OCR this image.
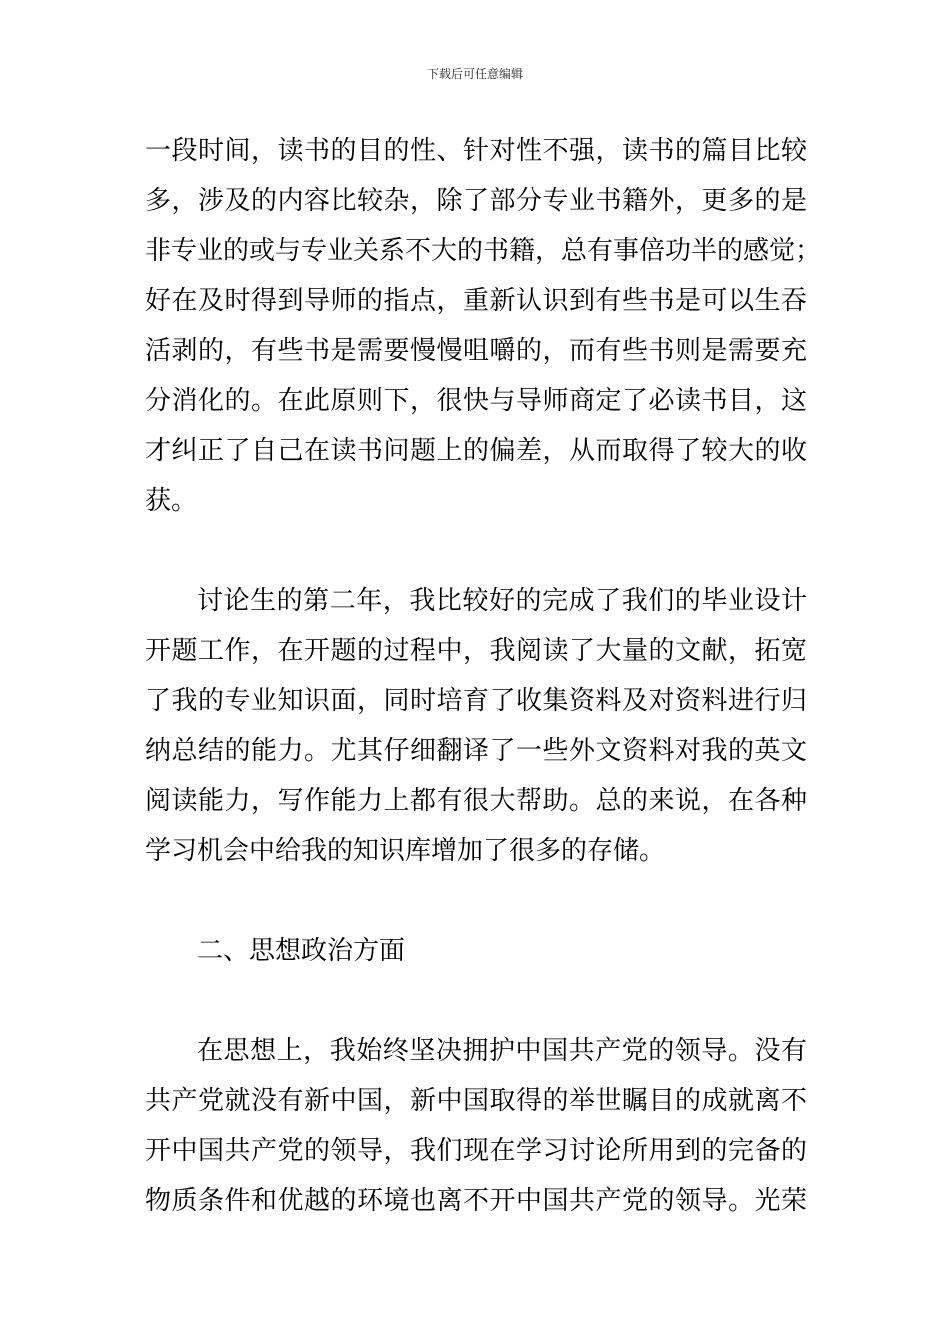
下载后可任意编辑
一段时间，读书的目的性、针对性不强，读书的篇目比较
多，涉及的内容比较杂，除了部分专业书籍外，更多的是
非专业的或与专业关系不大的书籍，总有事倍功半的感觉；
好在及时得到导师的指点，重新认识到有些书是可以生吞
活剥的，有些书是需要慢慢咀嚼的，而有些书则是需要充
分消化的。在此原则下，很快与导师商定了必读书目，这
才纠正了自己在读书问题上的偏差，从而取得了较大的收
获。
讨论生的第二年，我比较好的完成了我们的毕业设计
开题工作，在开题的过程中，我阅读了大量的文献，拓宽
了我的专业知识面，同时培育了收集资料及对资料进行归
纳总结的能力。尤其仔细翻译了一些外文资料对我的英文
阅读能力，写作能力上都有很大帮助。总的来说，在各种
学习机会中给我的知识库增加了很多的存储。
二、思想政治方面
在思想上，我始终坚决拥护中国共产党的领导。没有
共产党就没有新中国，新中国取得的举世瞩目的成就离不
开中国共产党的领导，我们现在学习讨论所用到的完备的
物质条件和优越的环境也离不开中国共产党的领导。光荣
